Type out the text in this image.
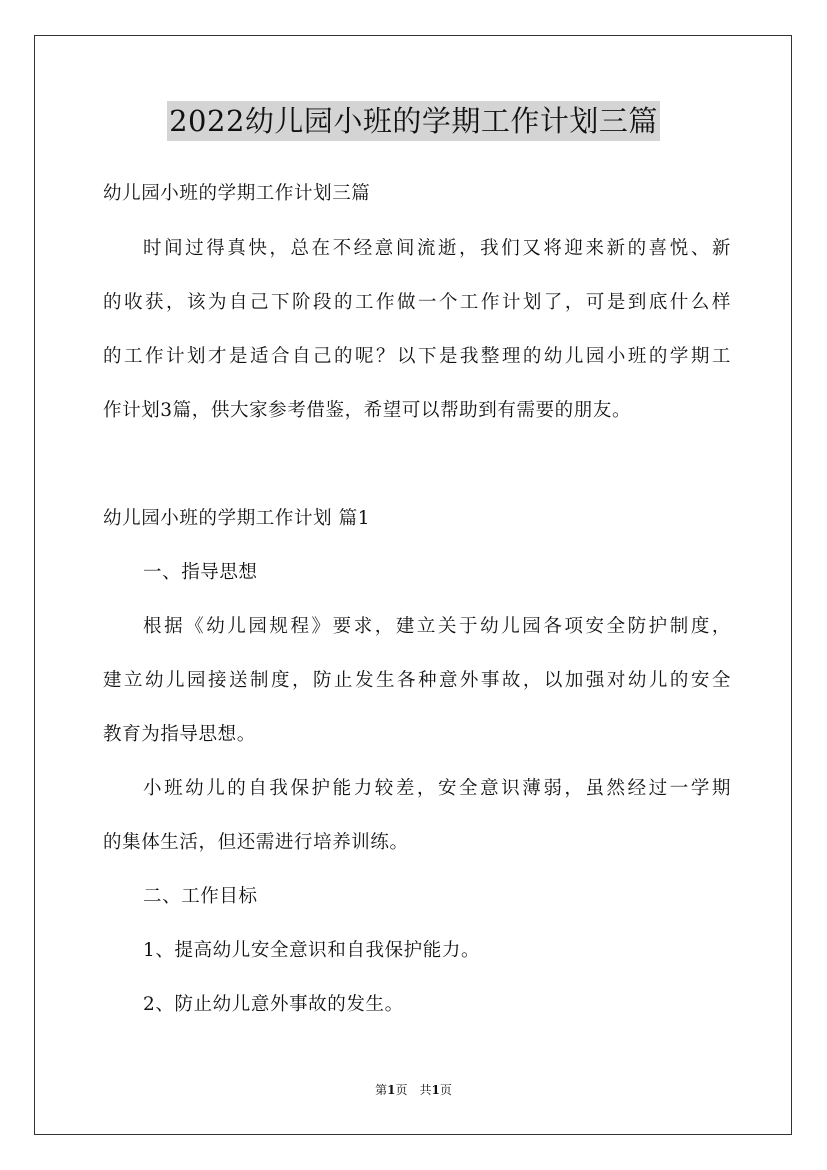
2022幼儿园小班的学期工作计划三篇
幼儿园小班的学期工作计划三篇
时间过得真快，总在不经意间流逝，我们又将迎来新的喜悦、新
的收获，该为自己下阶段的工作做一个工作计划了，可是到底什么样
的工作计划才是适合自己的呢？以下是我整理的幼儿园小班的学期工
作计划3篇，供大家参考借鉴，希望可以帮助到有需要的朋友。
幼儿园小班的学期工作计划 篇1
一、指导思想
根据《幼儿园规程》要求，建立关于幼儿园各项安全防护制度，
建立幼儿园接送制度，防止发生各种意外事故，以加强对幼儿的安全
教育为指导思想。
小班幼儿的自我保护能力较差，安全意识薄弱，虽然经过一学期
的集体生活，但还需进行培养训练。
二、工作目标
1、提高幼儿安全意识和自我保护能力。
2、防止幼儿意外事故的发生。
第1页　共1页
